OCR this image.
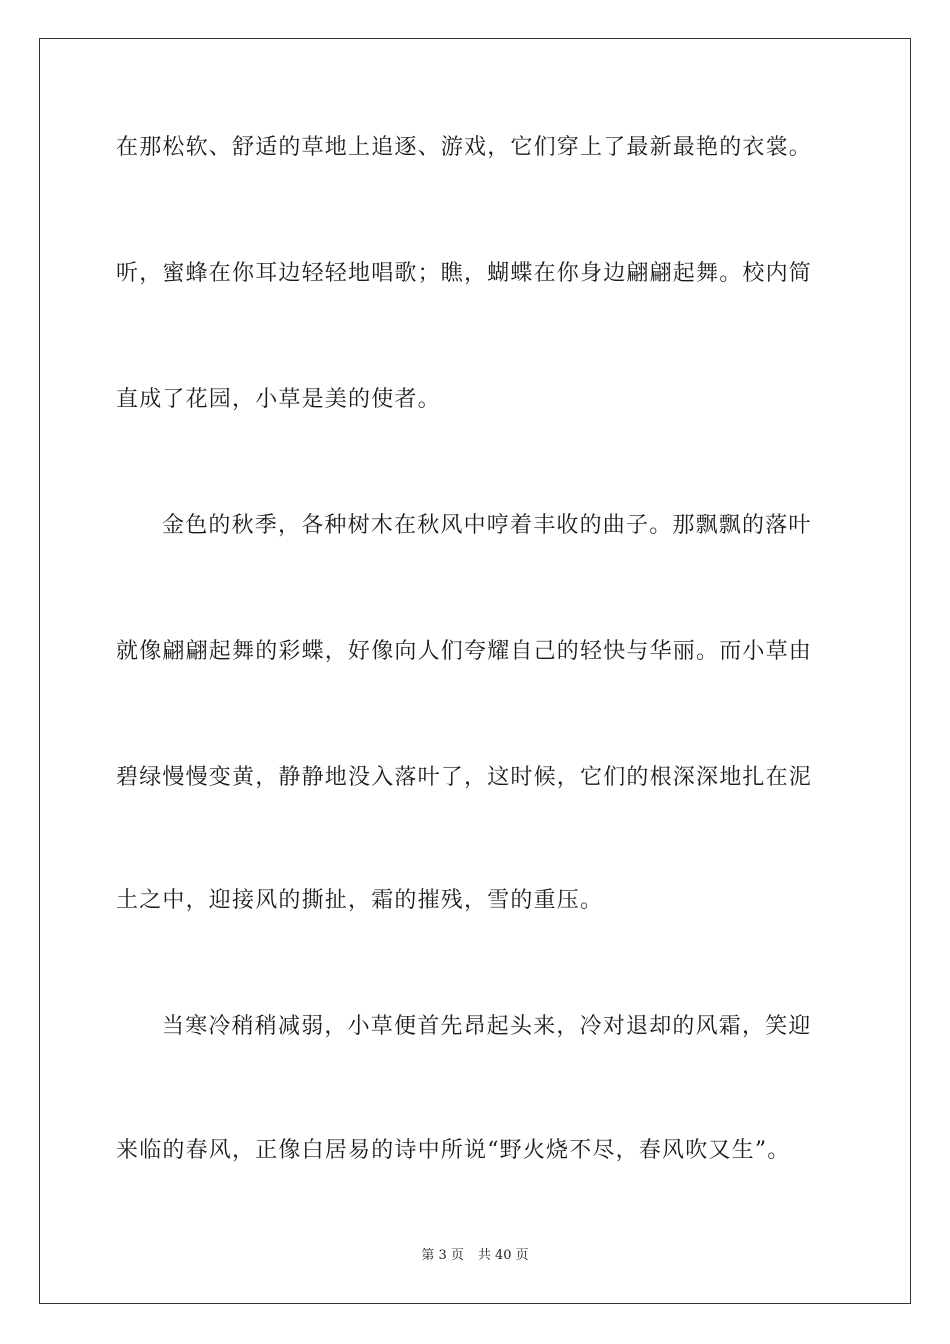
在那松软、舒适的草地上追逐、游戏，它们穿上了最新最艳的衣裳。
听，蜜蜂在你耳边轻轻地唱歌；瞧，蝴蝶在你身边翩翩起舞。校内简
直成了花园，小草是美的使者。
金色的秋季，各种树木在秋风中哼着丰收的曲子。那飘飘的落叶
就像翩翩起舞的彩蝶，好像向人们夸耀自己的轻快与华丽。而小草由
碧绿慢慢变黄，静静地没入落叶了，这时候，它们的根深深地扎在泥
土之中，迎接风的撕扯，霜的摧残，雪的重压。
当寒冷稍稍减弱，小草便首先昂起头来，冷对退却的风霜，笑迎
来临的春风，正像白居易的诗中所说“野火烧不尽，春风吹又生”。
第 3 页 共 40 页
